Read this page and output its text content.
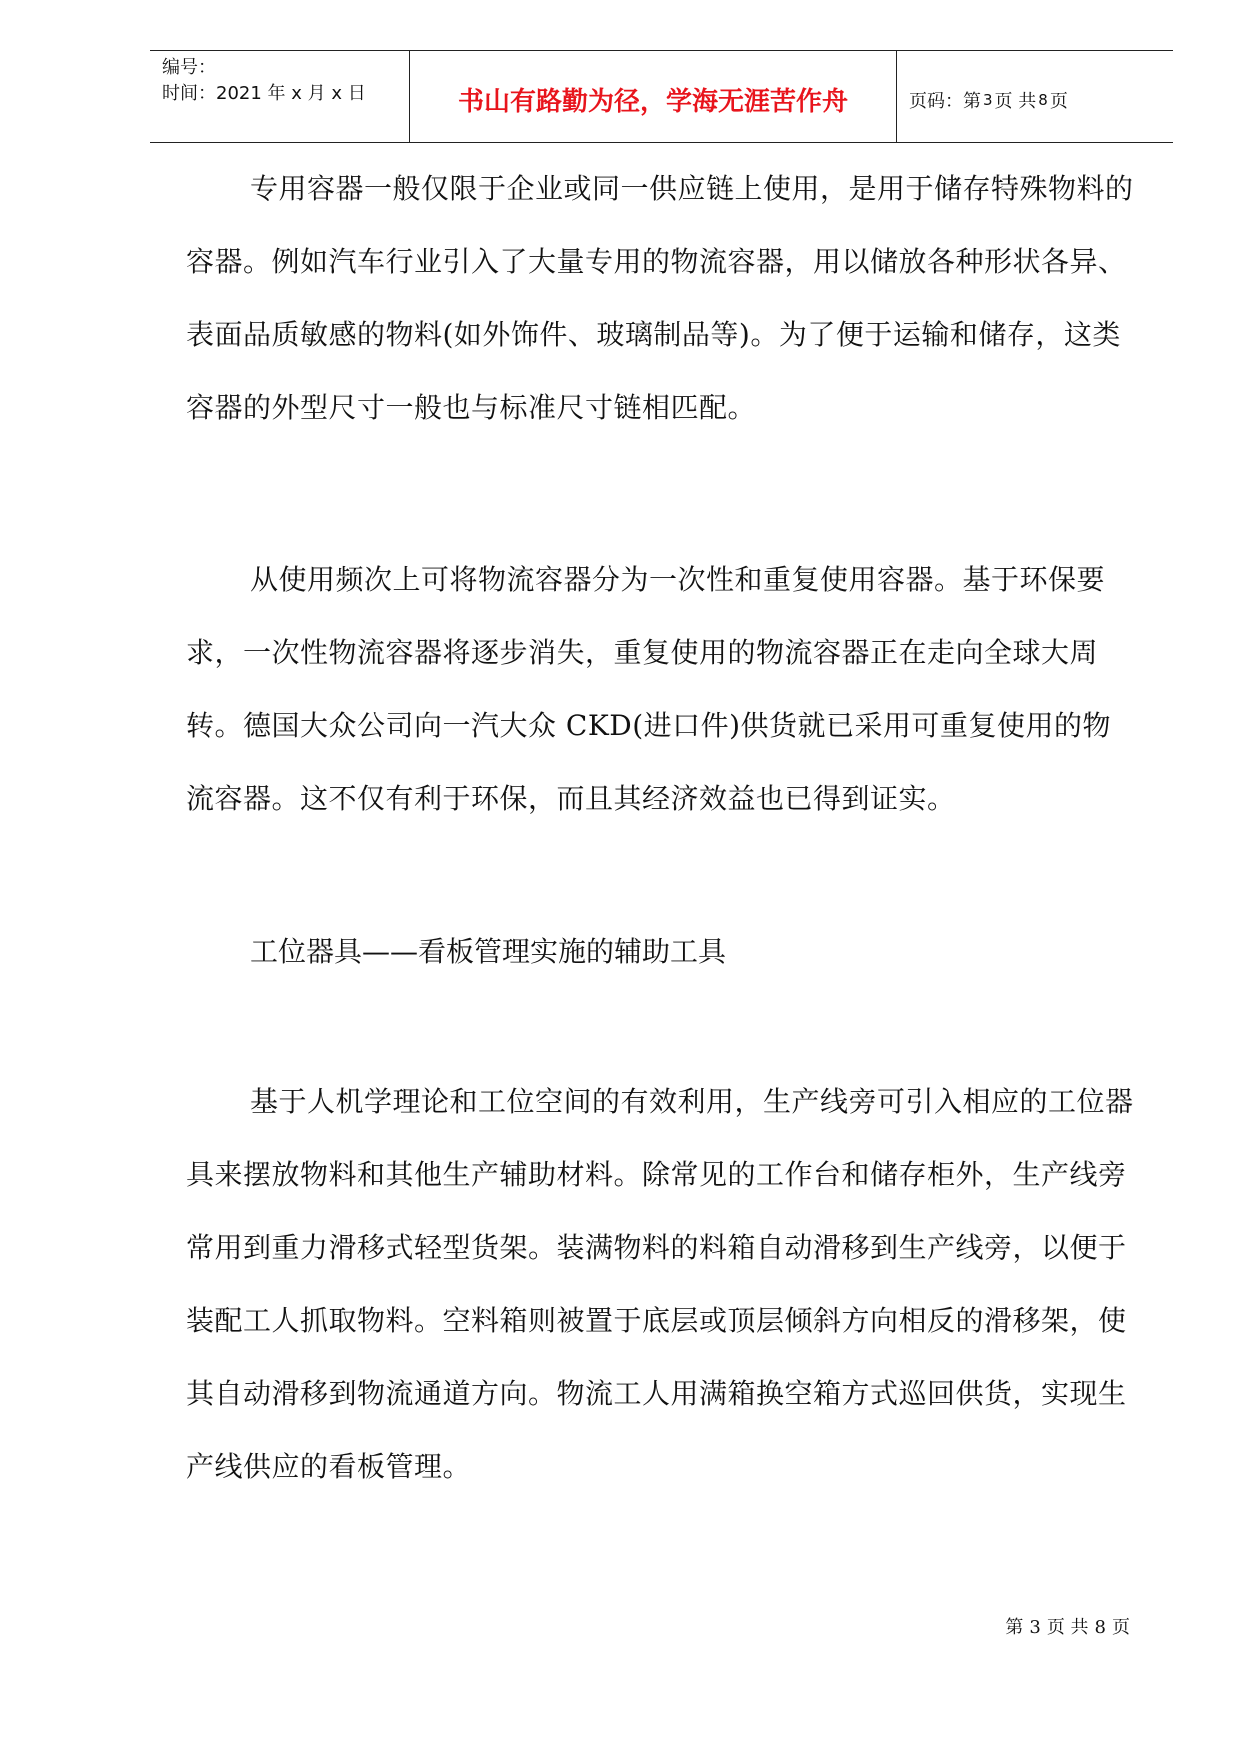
编号：
时间：2021 年 x 月 x 日	书山有路勤为径，学海无涯苦作舟	页码：第 3 页 共 8 页

专用容器一般仅限于企业或同一供应链上使用，是用于储存特殊物料的容器。例如汽车行业引入了大量专用的物流容器，用以储放各种形状各异、表面品质敏感的物料(如外饰件、玻璃制品等)。为了便于运输和储存，这类容器的外型尺寸一般也与标准尺寸链相匹配。

从使用频次上可将物流容器分为一次性和重复使用容器。基于环保要求，一次性物流容器将逐步消失，重复使用的物流容器正在走向全球大周转。德国大众公司向一汽大众 CKD(进口件)供货就已采用可重复使用的物流容器。这不仅有利于环保，而且其经济效益也已得到证实。

工位器具——看板管理实施的辅助工具

基于人机学理论和工位空间的有效利用，生产线旁可引入相应的工位器具来摆放物料和其他生产辅助材料。除常见的工作台和储存柜外，生产线旁常用到重力滑移式轻型货架。装满物料的料箱自动滑移到生产线旁，以便于装配工人抓取物料。空料箱则被置于底层或顶层倾斜方向相反的滑移架，使其自动滑移到物流通道方向。物流工人用满箱换空箱方式巡回供货，实现生产线供应的看板管理。

第 3 页 共 8 页
